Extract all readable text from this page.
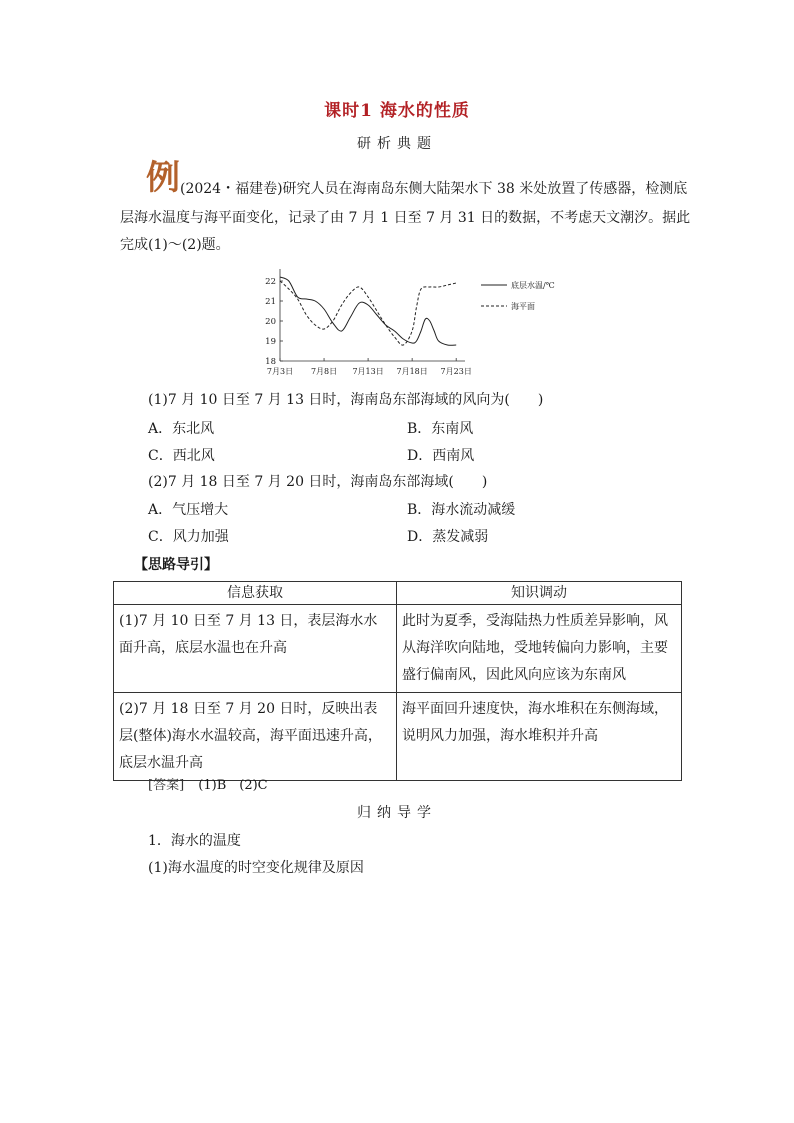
课时1 海水的性质
研析典题
例 (2024・福建卷)研究人员在海南岛东侧大陆架水下 38 米处放置了传感器，检测底
层海水温度与海平面变化，记录了由 7 月 1 日至 7 月 31 日的数据，不考虑天文潮汐。据此
完成(1)～(2)题。
18
19
20
21
22
7月3日 7月8日 7月13日 7月18日 7月23日
底层水温/℃
海平面
(1)7 月 10 日至 7 月 13 日时，海南岛东部海域的风向为(　　)
A．东北风	B．东南风
C．西北风	D．西南风
(2)7 月 18 日至 7 月 20 日时，海南岛东部海域(　　)
A．气压增大	B．海水流动减缓
C．风力加强	D．蒸发减弱
【思路导引】
信息获取	知识调动
(1)7 月 10 日至 7 月 13 日，表层海水水面升高，底层水温也在升高	此时为夏季，受海陆热力性质差异影响，风从海洋吹向陆地，受地转偏向力影响，主要盛行偏南风，因此风向应该为东南风
(2)7 月 18 日至 7 月 20 日时，反映出表层(整体)海水水温较高，海平面迅速升高，底层水温升高	海平面回升速度快，海水堆积在东侧海域，说明风力加强，海水堆积并升高
[答案] (1)B　(2)C
归纳导学
1．海水的温度
(1)海水温度的时空变化规律及原因
